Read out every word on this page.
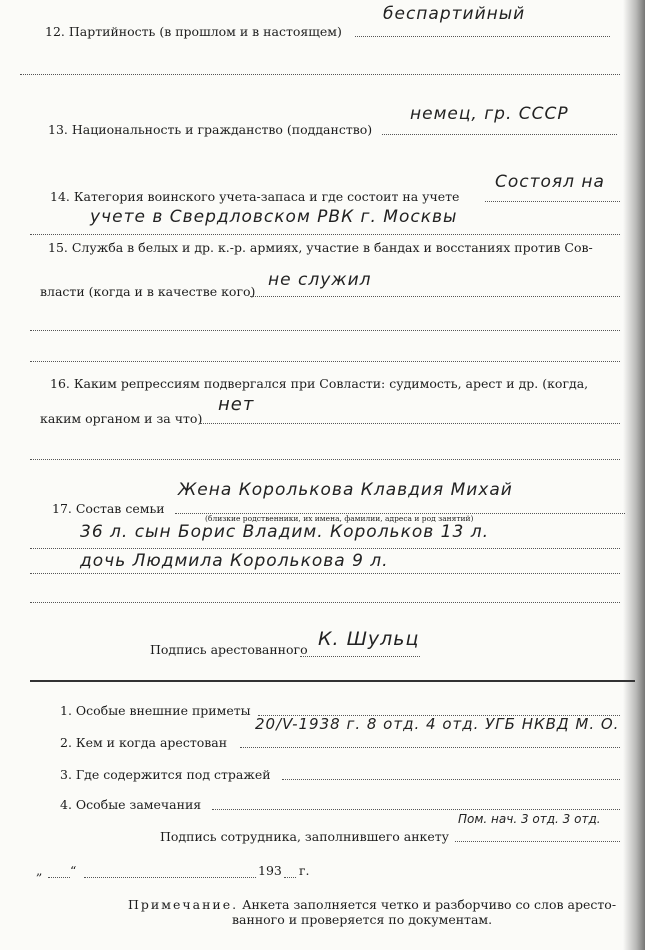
12. Партийность (в прошлом и в настоящем)
беспартийный
13. Национальность и гражданство (подданство)
немец, гр. СССР
14. Категория воинского учета-запаса и где состоит на учете
Состоял на
учете в Свердловском РВК г. Москвы
15. Служба в белых и др. к.-р. армиях, участие в бандах и восстаниях против Сов-
власти (когда и в качестве кого)
не служил
16. Каким репрессиям подвергался при Совласти: судимость, арест и др. (когда,
каким органом и за что)
нет
17. Состав семьи
Жена Королькова Клавдия Михай
(близкие родственники, их имена, фамилии, адреса и род занятий)
36 л. сын Борис Владим. Корольков 13 л.
дочь Людмила Королькова 9 л.
Подпись арестованного К. Шульц
1. Особые внешние приметы
2. Кем и когда арестован
20/V-1938 г. 8 отд. 4 отд. УГБ НКВД М. О.
3. Где содержится под стражей
4. Особые замечания
Подпись сотрудника, заполнившего анкету
Пом. нач. 3 отд. 3 отд.
„ “	193 г.
Примечание. Анкета заполняется четко и разборчиво со слов аресто-
ванного и проверяется по документам.
